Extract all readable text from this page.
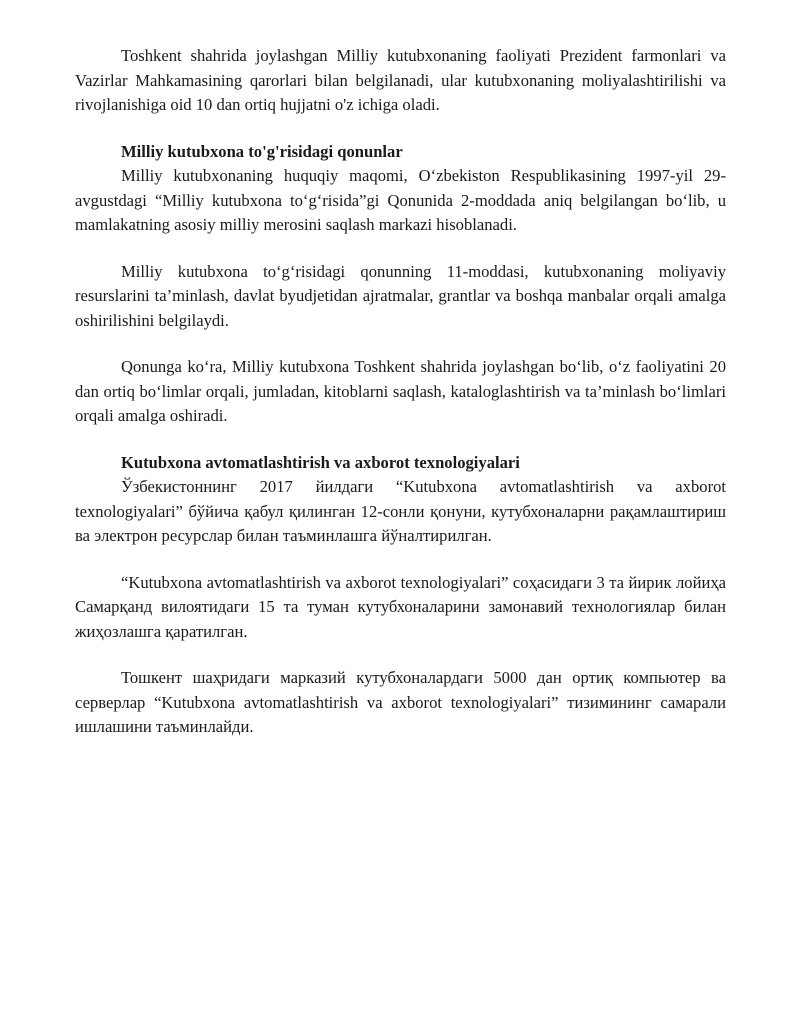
Toshkent shahrida joylashgan Milliy kutubxonaning faoliyati Prezident farmonlari va Vazirlar Mahkamasining qarorlari bilan belgilanadi, ular kutubxonaning moliyalashtirilishi va rivojlanishiga oid 10 dan ortiq hujjatni o'z ichiga oladi.

Milliy kutubxona to'g'risidagi qonunlar

Milliy kutubxonaning huquqiy maqomi, O‘zbekiston Respublikasining 1997-yil 29-avgustdagi “Milliy kutubxona to‘g‘risida”gi Qonunida 2-moddada aniq belgilangan bo‘lib, u mamlakatning asosiy milliy merosini saqlash markazi hisoblanadi.

Milliy kutubxona to‘g‘risidagi qonunning 11-moddasi, kutubxonaning moliyaviy resurslarini ta’minlash, davlat byudjetidan ajratmalar, grantlar va boshqa manbalar orqali amalga oshirilishini belgilaydi.

Qonunga ko‘ra, Milliy kutubxona Toshkent shahrida joylashgan bo‘lib, o‘z faoliyatini 20 dan ortiq bo‘limlar orqali, jumladan, kitoblarni saqlash, kataloglashtirish va ta’minlash bo‘limlari orqali amalga oshiradi.

Kutubxona avtomatlashtirish va axborot texnologiyalari

Ўзбекистоннинг 2017 йилдаги “Kutubxona avtomatlashtirish va axborot texnologiyalari” бўйича қабул қилинган 12-сонли қонуни, кутубхоналарни рақамлаштириш ва электрон ресурслар билан таъминлашга йўналтирилган.

“Kutubxona avtomatlashtirish va axborot texnologiyalari” соҳасидаги 3 та йирик лойиҳа Самарқанд вилоятидаги 15 та туман кутубхоналарини замонавий технологиялар билан жиҳозлашга қаратилган.

Тошкент шаҳридаги марказий кутубхоналардаги 5000 дан ортиқ компьютер ва серверлар “Kutubxona avtomatlashtirish va axborot texnologiyalari” тизимининг самарали ишлашини таъминлайди.
